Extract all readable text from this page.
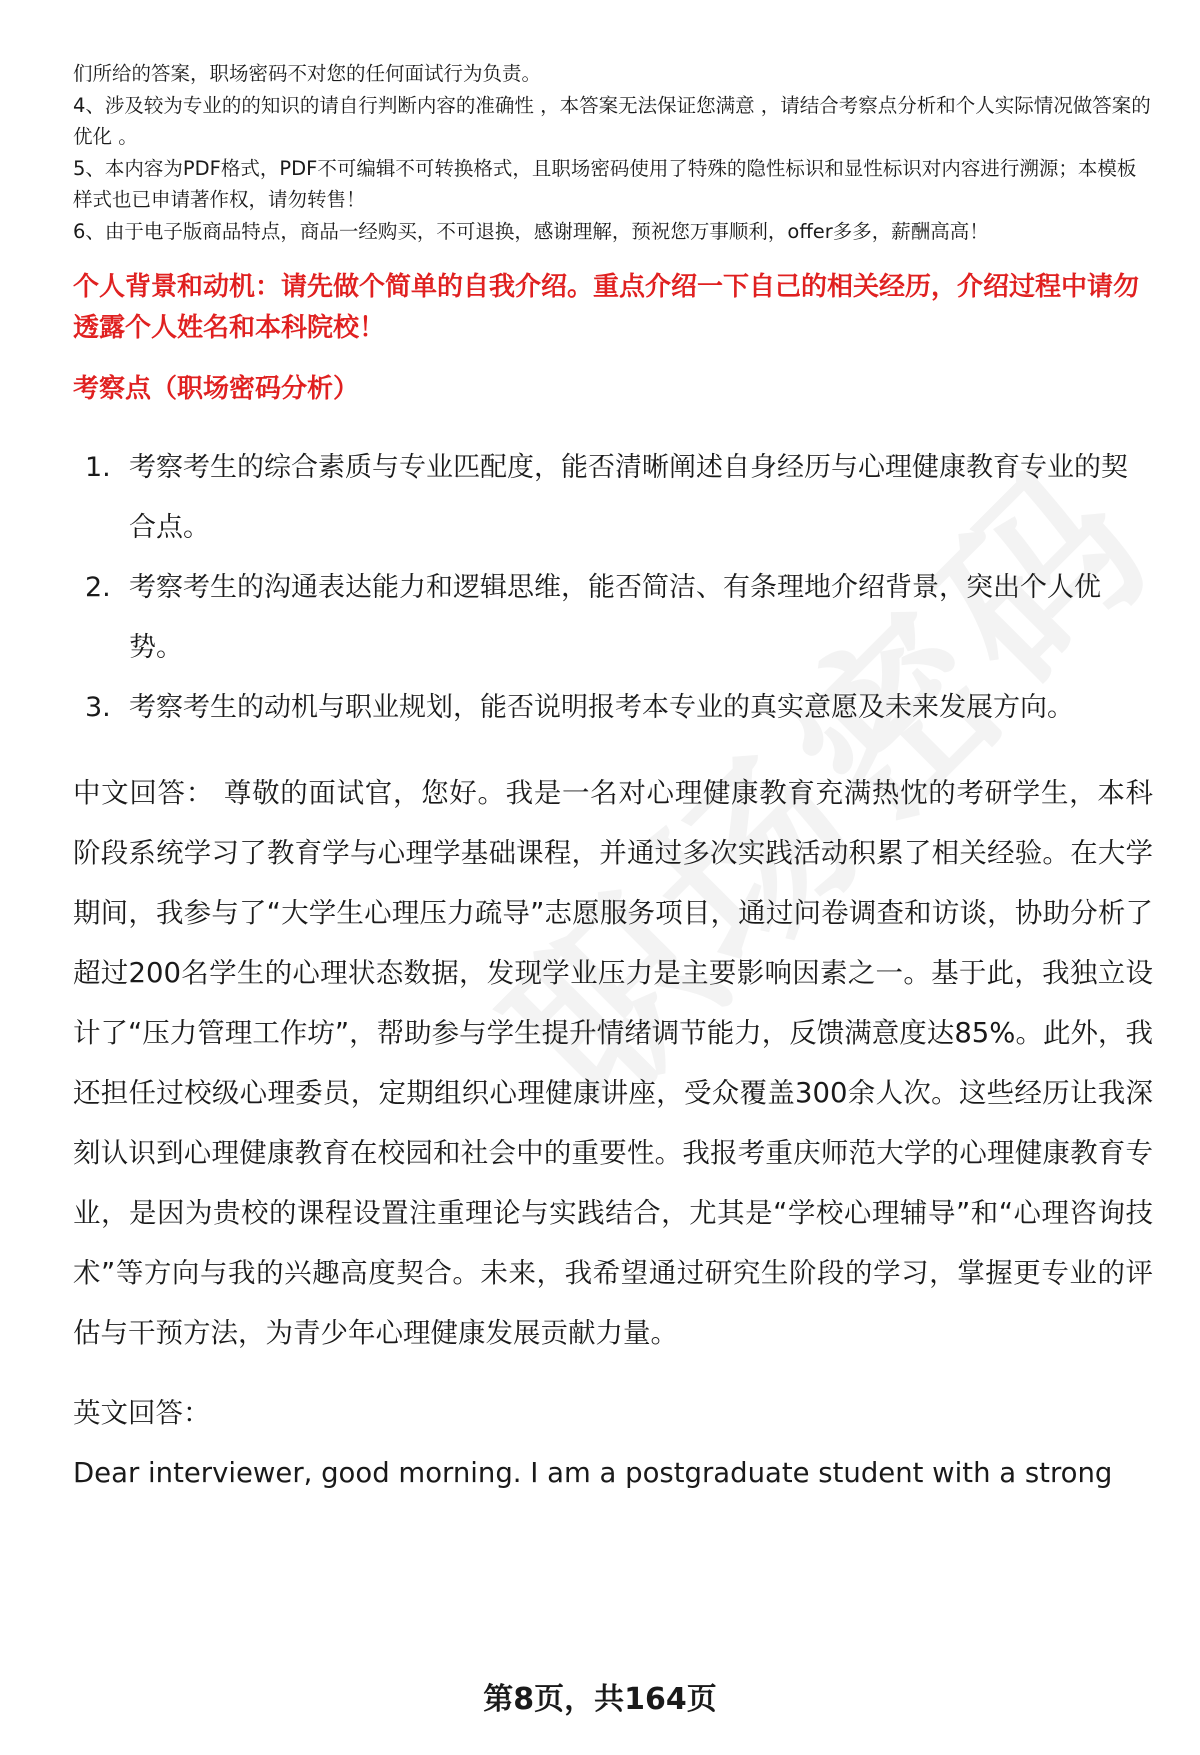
们所给的答案，职场密码不对您的任何面试行为负责。

4、涉及较为专业的的知识的请自行判断内容的准确性 ，本答案无法保证您满意 ，请结合考察点分析和个人实际情况做答案的优化 。

5、本内容为PDF格式，PDF不可编辑不可转换格式，且职场密码使用了特殊的隐性标识和显性标识对内容进行溯源；本模板样式也已申请著作权，请勿转售！

6、由于电子版商品特点，商品一经购买，不可退换，感谢理解，预祝您万事顺利，offer多多，薪酬高高！

个人背景和动机：请先做个简单的自我介绍。重点介绍一下自己的相关经历，介绍过程中请勿透露个人姓名和本科院校！

考察点（职场密码分析）

1. 考察考生的综合素质与专业匹配度，能否清晰阐述自身经历与心理健康教育专业的契合点。
2. 考察考生的沟通表达能力和逻辑思维，能否简洁、有条理地介绍背景，突出个人优势。
3. 考察考生的动机与职业规划，能否说明报考本专业的真实意愿及未来发展方向。

中文回答： 尊敬的面试官，您好。我是一名对心理健康教育充满热忱的考研学生，本科阶段系统学习了教育学与心理学基础课程，并通过多次实践活动积累了相关经验。在大学期间，我参与了“大学生心理压力疏导”志愿服务项目，通过问卷调查和访谈，协助分析了超过200名学生的心理状态数据，发现学业压力是主要影响因素之一。基于此，我独立设计了“压力管理工作坊”，帮助参与学生提升情绪调节能力，反馈满意度达85%。此外，我还担任过校级心理委员，定期组织心理健康讲座，受众覆盖300余人次。这些经历让我深刻认识到心理健康教育在校园和社会中的重要性。我报考重庆师范大学的心理健康教育专业，是因为贵校的课程设置注重理论与实践结合，尤其是“学校心理辅导”和“心理咨询技术”等方向与我的兴趣高度契合。未来，我希望通过研究生阶段的学习，掌握更专业的评估与干预方法，为青少年心理健康发展贡献力量。

英文回答：

Dear interviewer, good morning. I am a postgraduate student with a strong

第8页，共164页
